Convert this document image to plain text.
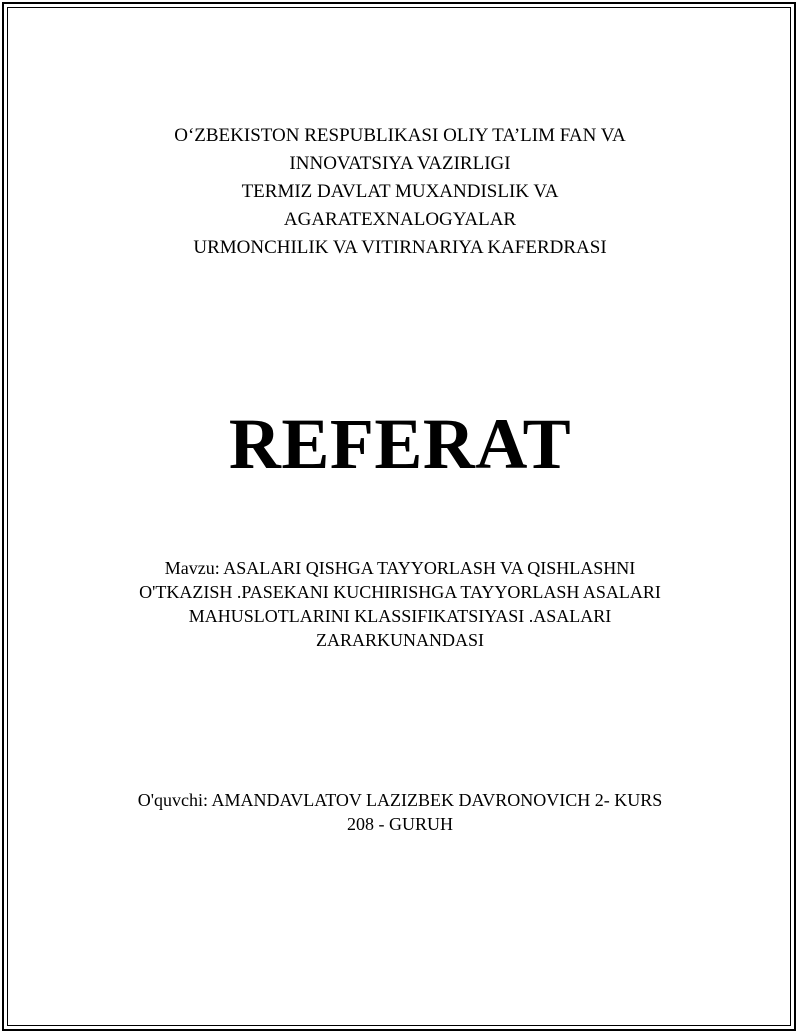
O‘ZBEKISTON RESPUBLIKASI OLIY TA’LIM FAN VA
INNOVATSIYA VAZIRLIGI
TERMIZ DAVLAT MUXANDISLIK VA
AGARATEXNALOGYALAR
URMONCHILIK VA VITIRNARIYA KAFERDRASI
REFERAT
Mavzu: ASALARI QISHGA TAYYORLASH VA QISHLASHNI
O'TKAZISH .PASEKANI KUCHIRISHGA TAYYORLASH ASALARI
MAHUSLOTLARINI KLASSIFIKATSIYASI .ASALARI
ZARARKUNANDASI
O'quvchi: AMANDAVLATOV LAZIZBEK DAVRONOVICH 2- KURS
208 - GURUH
